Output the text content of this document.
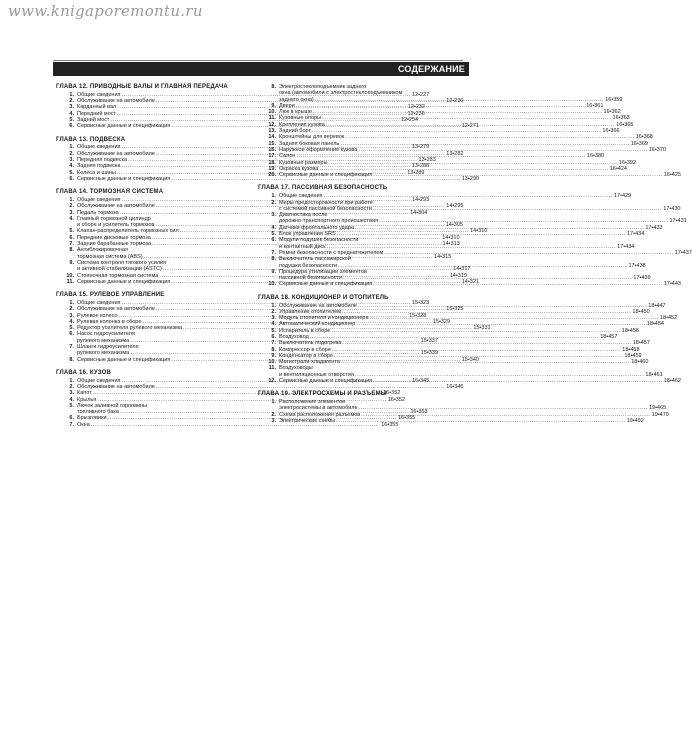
www.knigaporemontu.ru
СОДЕРЖАНИЕ
ГЛАВА 12. ПРИВОДНЫЕ ВАЛЫ И ГЛАВНАЯ ПЕРЕДАЧА
1. Общие сведения .....	12•227
2. Обслуживание на автомобиле .....	12•230
3. Карданный вал .....	12•232
4. Передний мост .....	12•236
5. Задний мост .....	12•254
6. Сервисные данные и спецификация .....	12•271
ГЛАВА 13. ПОДВЕСКА
1. Общие сведения .....	13•279
2. Обслуживание на автомобиле .....	13•282
3. Передняя подвеска .....	13•283
4. Задняя подвеска .....	13•288
5. Колеса и шины .....	13•289
6. Сервисные данные и спецификация .....	13•290
ГЛАВА 14. ТОРМОЗНАЯ СИСТЕМА
1. Общие сведения .....	14•293
2. Обслуживание на автомобиле .....	14•295
3. Педаль тормоза .....	14•304
4. Главный тормозной цилиндр
и сборе и усилитель тормозов .....	14•305
5. Клапан-распределитель тормозных сил .....	14•310
6. Передние дисковые тормоза .....	14•310
7. Задние барабанные тормоза .....	14•313
8. Антиблокировочная
тормозная система (ABS) .....	14•315
9. Система контроля тягового усилия
и активной стабилизации (ASTC) .....	14•317
10. Стояночная тормозная система .....	14•319
11. Сервисные данные и спецификация .....	14•321
ГЛАВА 15. РУЛЕВОЕ УПРАВЛЕНИЕ
1. Общие сведения .....	15•323
2. Обслуживание на автомобиле .....	15•325
3. Рулевое колесо .....	15•328
4. Рулевая колонка в сборе .....	15•329
5. Редуктор усилителя рулевого механизма .....	15•331
6. Насос гидроусилителя
рулевого механизма .....	15•337
7. Шланги гидроусилителя
рулевого механизма .....	15•339
8. Сервисные данные и спецификация .....	15•340
ГЛАВА 16. КУЗОВ
1. Общие сведения .....	16•345
2. Обслуживание на автомобиле .....	16•346
3. Капот .....	16•352
4. Крылья .....	16•352
5. Лючок заливной горловины
топливного бака .....	16•353
6. Брызговики .....	16•355
7. Окна .....	16•355
8. Электростеклоподъемник заднего
окна (автомобили с электростеклоподъемником
заднего окна) .....	16•359
9. Двери .....	16•361
10. Люк в крыше .....	16•362
11. Кузовные опоры .....	16•363
12. Крепления кузова .....	16•365
13. Задний борт .....	16•366
14. Кронштейны для веревок .....	16•368
15. Задняя боковая панель .....	16•369
16. Наружное оформление кузова .....	16•370
17. Салон .....	16•380
18. Кузовные размеры .....	16•392
19. Окраска кузова .....	16•424
20. Сервисные данные и спецификация .....	16•425
ГЛАВА 17. ПАССИВНАЯ БЕЗОПАСНОСТЬ
1. Общие сведения .....	17•429
2. Меры предосторожности при работе
с системой пассивной безопасности .....	17•430
3. Диагностика после
дорожно-транспортного происшествия .....	17•431
4. Датчики фронтального удара .....	17•433
5. Блок управления SRS .....	17•434
6. Модули подушек безопасности
и контактный диск .....	17•434
7. Ремни безопасности с преднатяжителем .....	17•437
8. Выключатель пассажирской
подушки безопасности .....	17•438
9. Процедура утилизации элементов
пассивной безопасности .....	17•439
10. Сервисные данные и спецификация .....	17•443
ГЛАВА 18. КОНДИЦИОНЕР И ОТОПИТЕЛЬ
1. Обслуживание на автомобиле .....	18•447
2. Управление отопителем .....	18•450
3. Модуль отопителя и кондиционера .....	18•452
4. Автоматический кондиционер .....	18•454
5. Испаритель в сборе .....	18•456
6. Воздуховод .....	18•457
7. Выключатель подогрева .....	18•457
8. Компрессор в сборе .....	18•458
9. Конденсатор в сборе .....	18•459
10. Магистрали хладагента .....	18•460
11. Воздуховоды
и вентиляционные отверстия .....	18•461
12. Сервисные данные и спецификация .....	18•462
ГЛАВА 19. ЭЛЕКТРОСХЕМЫ И РАЗЪЕМЫ
1. Расположение элементов
электросистемы в автомобиле .....	19•465
2. Схема расположения разъемов .....	19•470
3. Электрические схемы .....	19•492
